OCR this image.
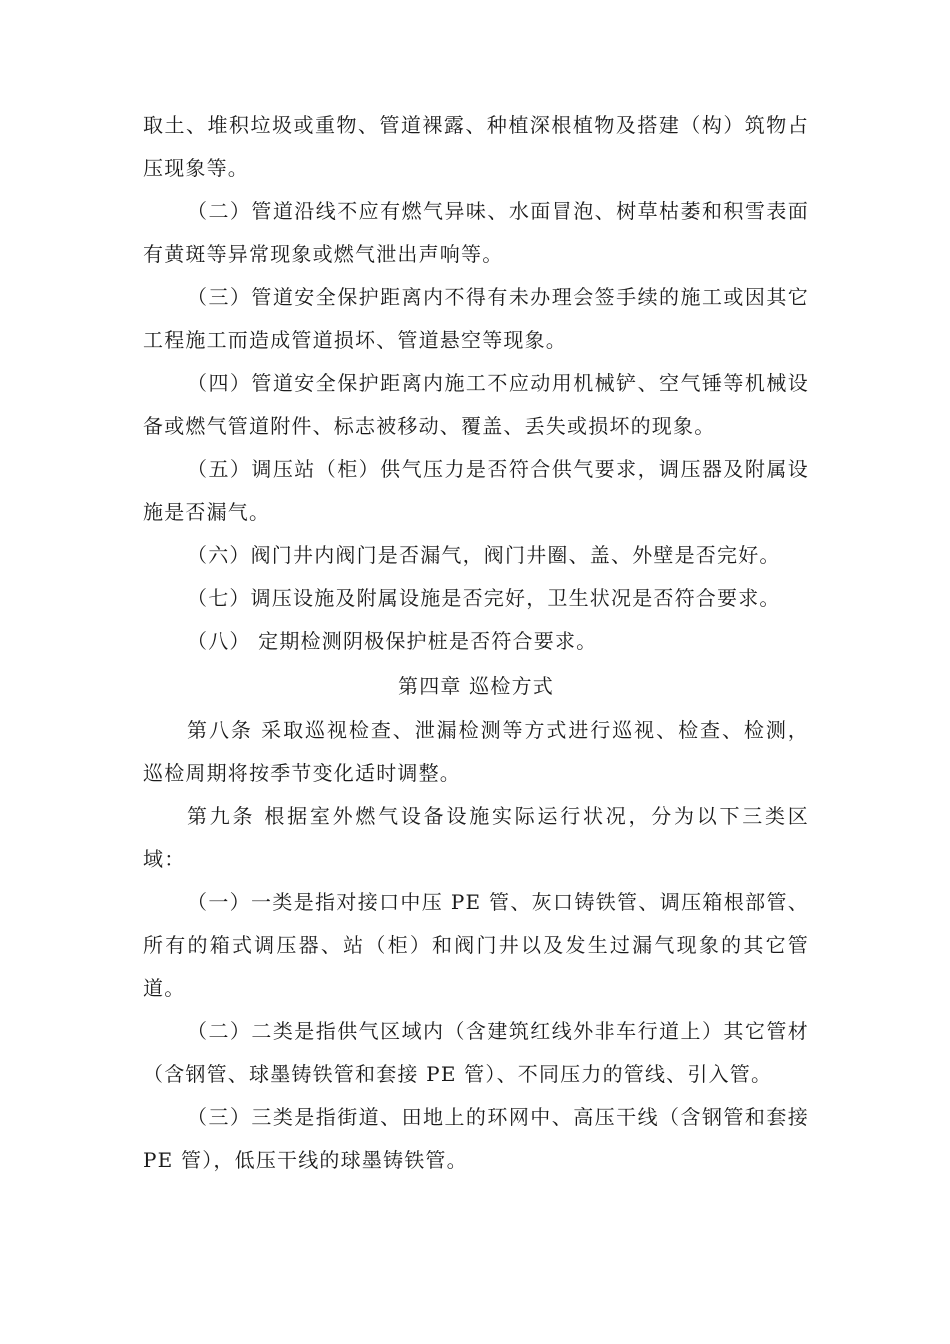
取土、堆积垃圾或重物、管道裸露、种植深根植物及搭建（构）筑物占压现象等。

（二）管道沿线不应有燃气异味、水面冒泡、树草枯萎和积雪表面有黄斑等异常现象或燃气泄出声响等。

（三）管道安全保护距离内不得有未办理会签手续的施工或因其它工程施工而造成管道损坏、管道悬空等现象。

（四）管道安全保护距离内施工不应动用机械铲、空气锤等机械设备或燃气管道附件、标志被移动、覆盖、丢失或损坏的现象。

（五）调压站（柜）供气压力是否符合供气要求，调压器及附属设施是否漏气。

（六）阀门井内阀门是否漏气，阀门井圈、盖、外壁是否完好。

（七）调压设施及附属设施是否完好，卫生状况是否符合要求。

（八） 定期检测阴极保护桩是否符合要求。

第四章 巡检方式

第八条 采取巡视检查、泄漏检测等方式进行巡视、检查、检测，巡检周期将按季节变化适时调整。

第九条 根据室外燃气设备设施实际运行状况，分为以下三类区域：

（一）一类是指对接口中压 PE 管、灰口铸铁管、调压箱根部管、所有的箱式调压器、站（柜）和阀门井以及发生过漏气现象的其它管道。

（二）二类是指供气区域内（含建筑红线外非车行道上）其它管材（含钢管、球墨铸铁管和套接 PE 管）、不同压力的管线、引入管。

（三）三类是指街道、田地上的环网中、高压干线（含钢管和套接 PE 管），低压干线的球墨铸铁管。
